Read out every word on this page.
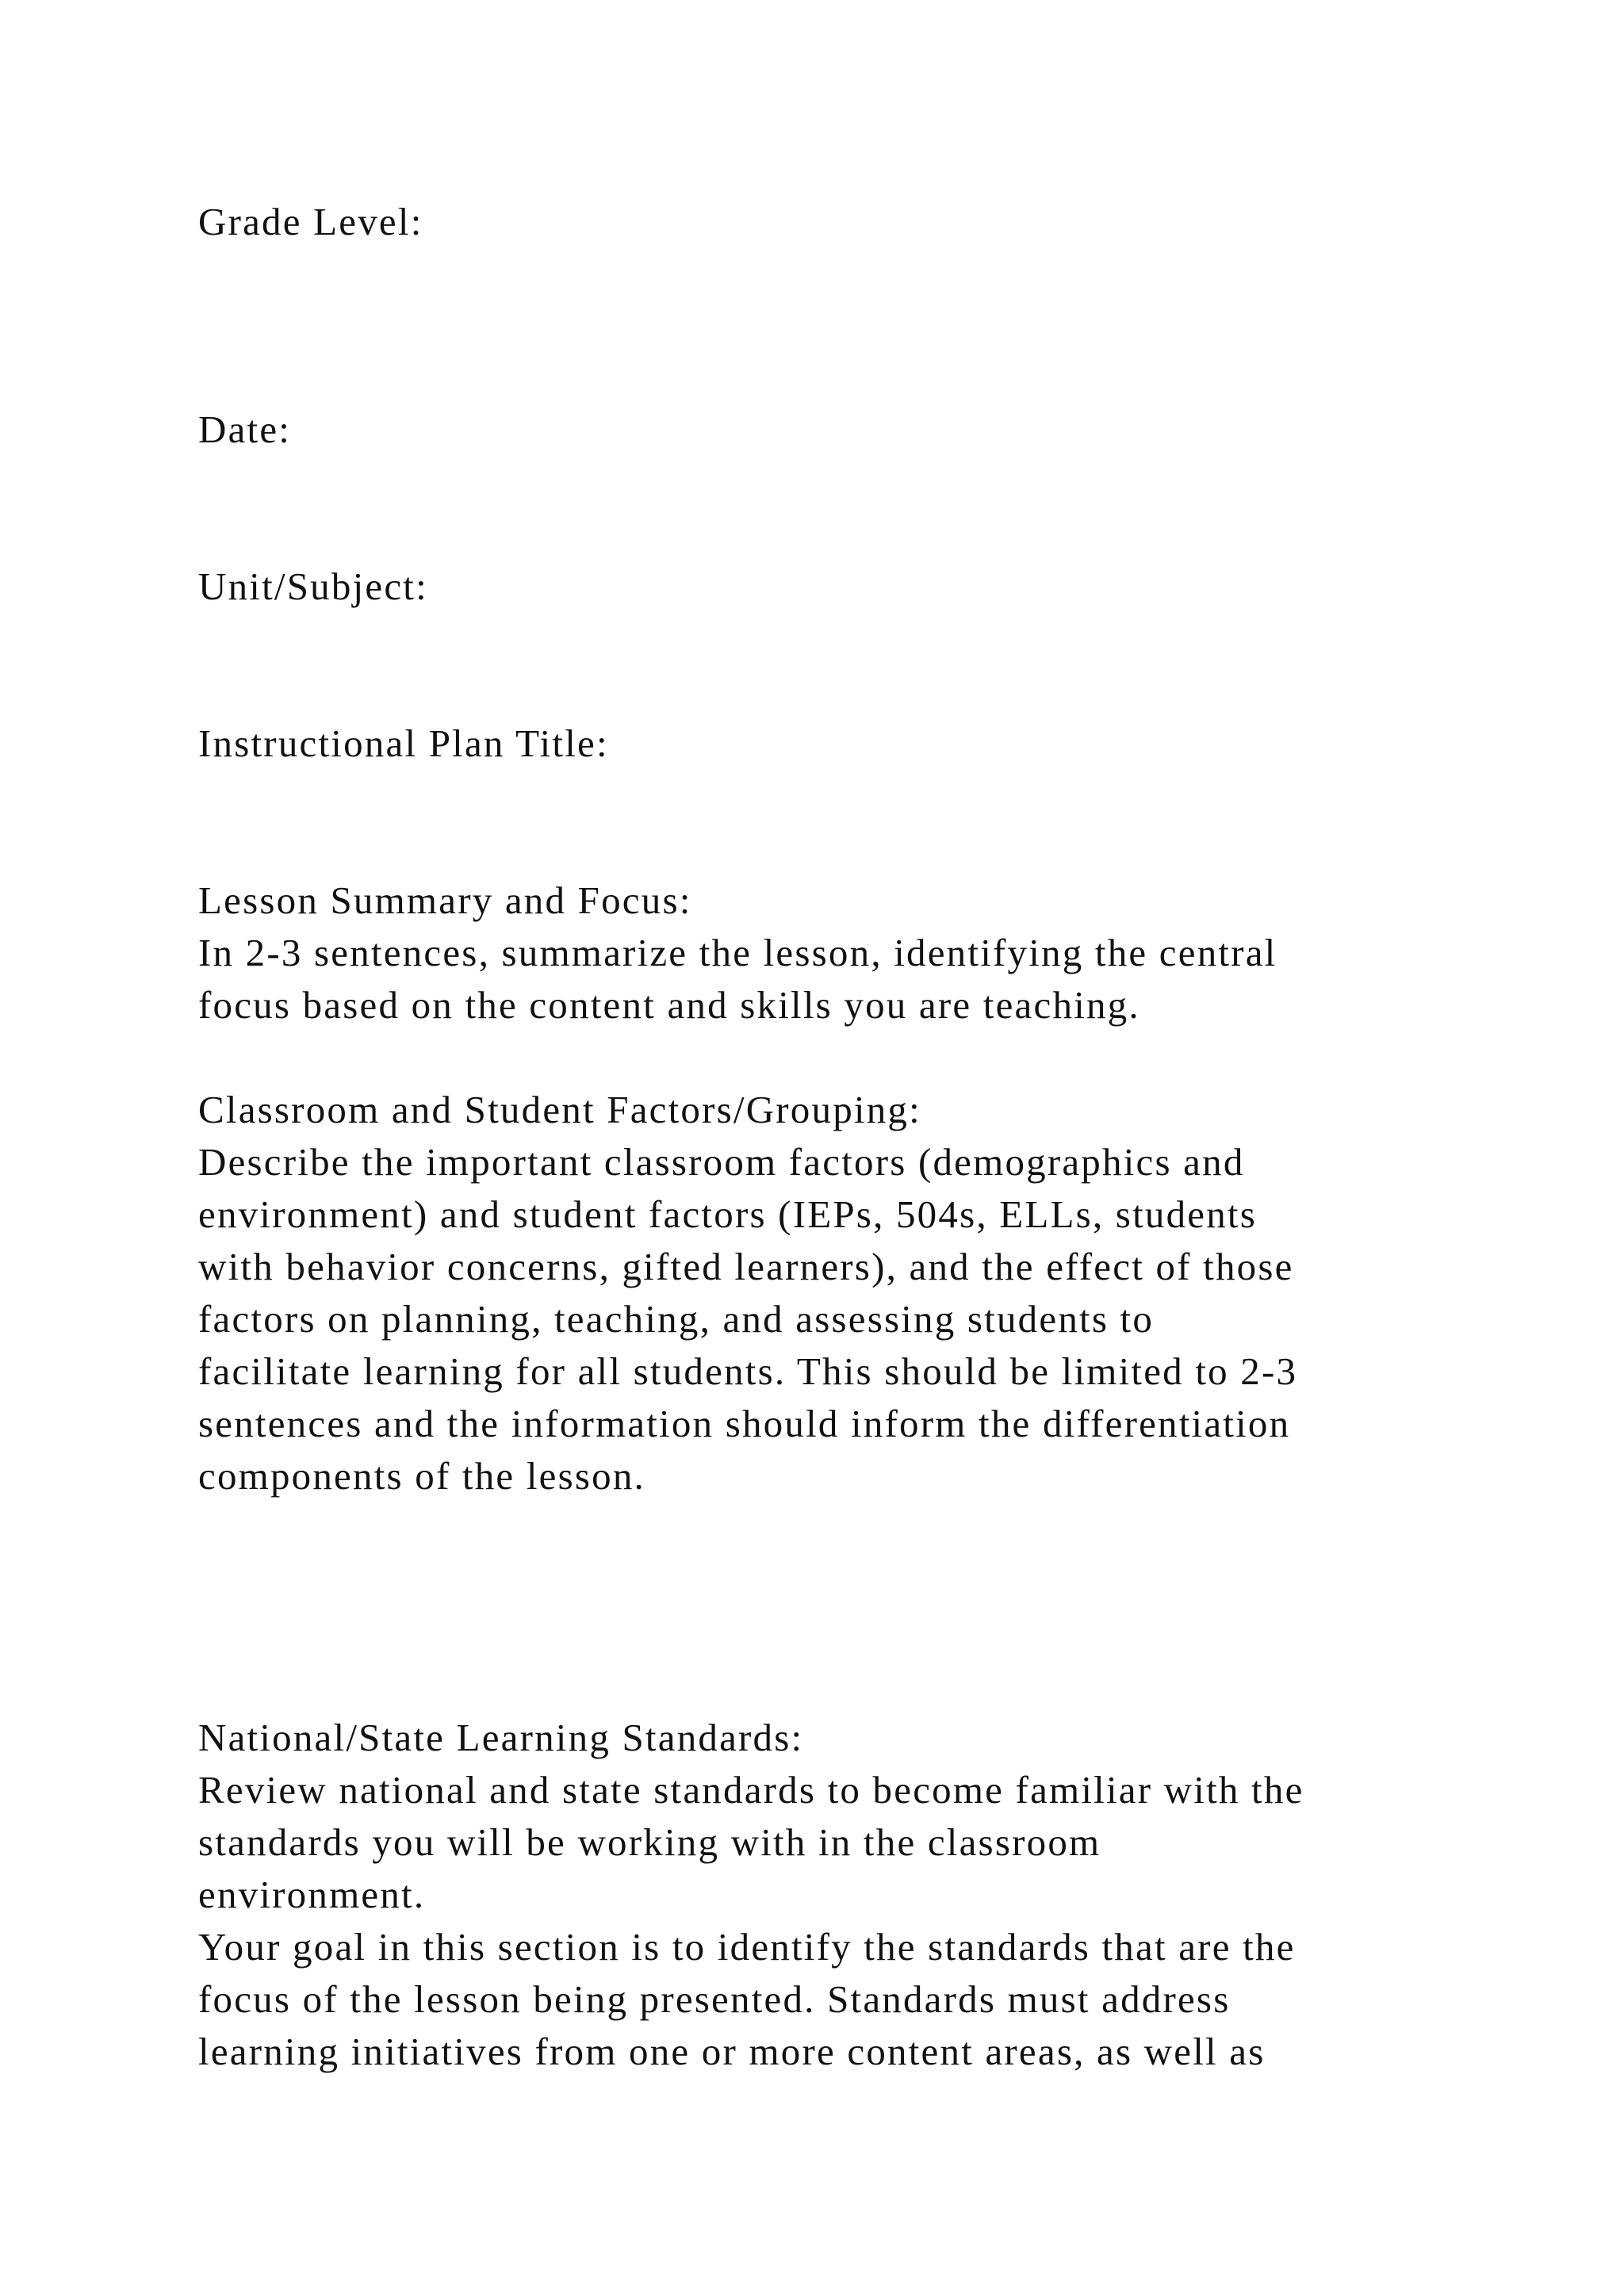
Grade Level:
Date:
Unit/Subject:
Instructional Plan Title:
Lesson Summary and Focus:
In 2-3 sentences, summarize the lesson, identifying the central
focus based on the content and skills you are teaching.
Classroom and Student Factors/Grouping:
Describe the important classroom factors (demographics and
environment) and student factors (IEPs, 504s, ELLs, students
with behavior concerns, gifted learners), and the effect of those
factors on planning, teaching, and assessing students to
facilitate learning for all students. This should be limited to 2-3
sentences and the information should inform the differentiation
components of the lesson.
National/State Learning Standards:
Review national and state standards to become familiar with the
standards you will be working with in the classroom
environment.
Your goal in this section is to identify the standards that are the
focus of the lesson being presented. Standards must address
learning initiatives from one or more content areas, as well as
